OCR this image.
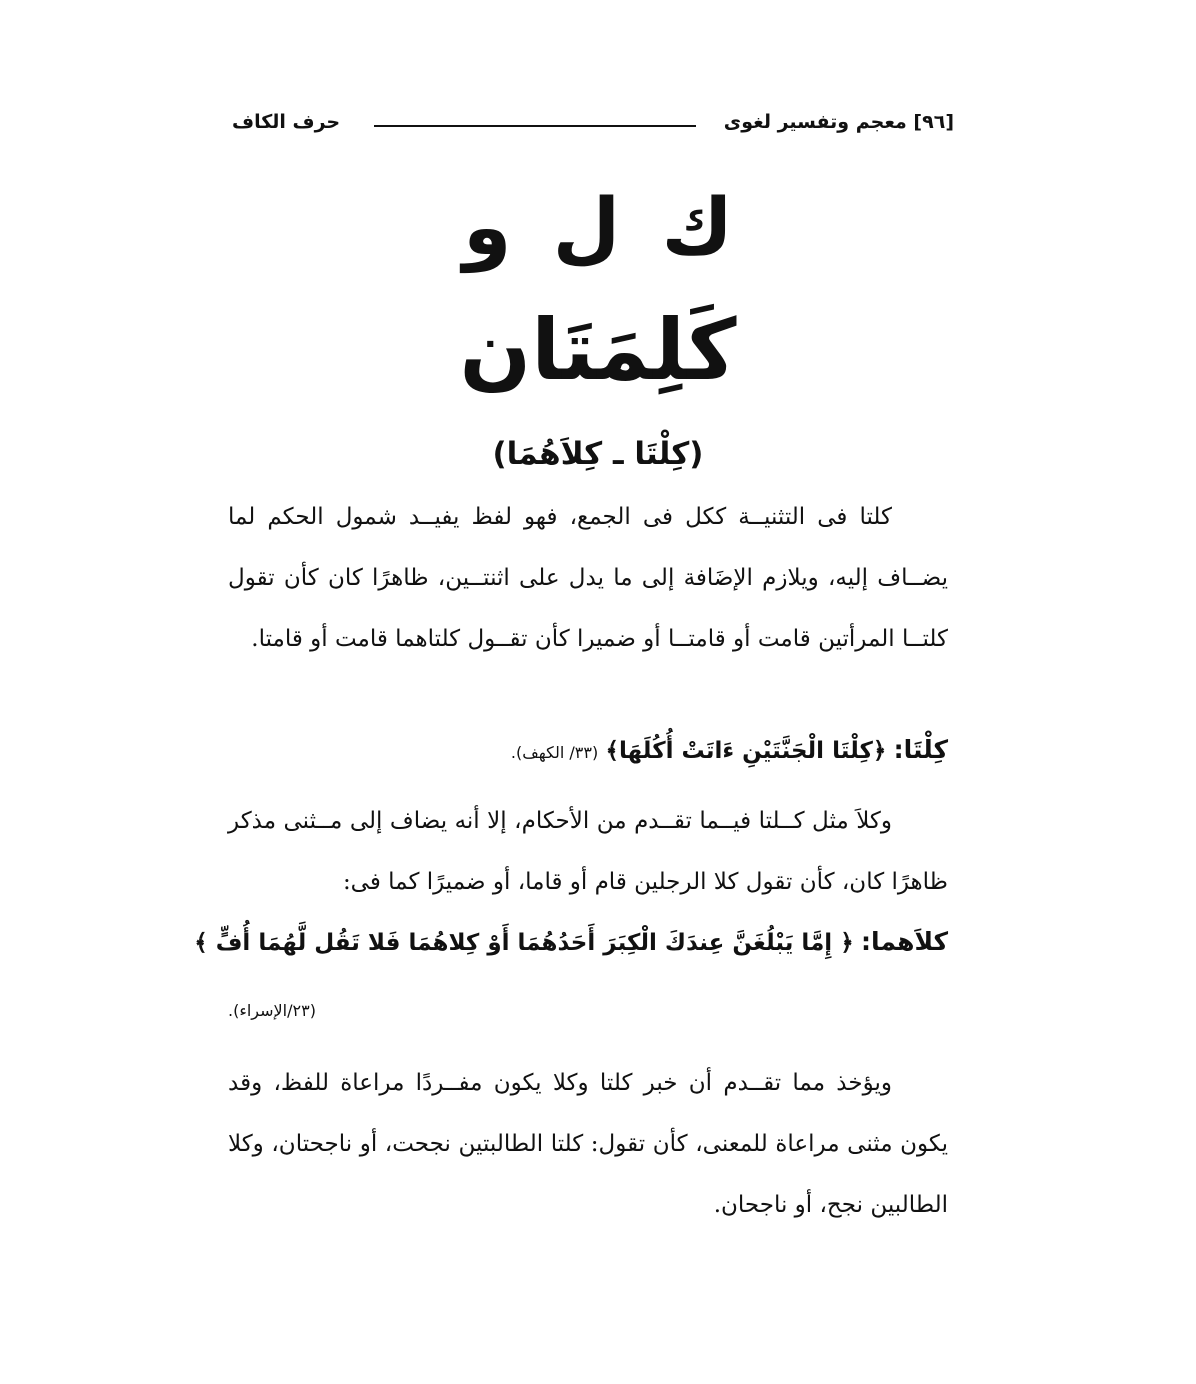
[٩٦] معجم وتفسير لغوى
حرف الكاف
ك ل و
كَلِمَتَان
(كِلْتَا ـ كِلاَهُمَا)
كلتا فى التثنيــة ككل فى الجمع، فهو لفظ يفيــد شمول الحكم لما يضــاف إليه، ويلازم الإضَافة إلى ما يدل على اثنتــين، ظاهرًا كان كأن تقول كلتــا المرأتين قامت أو قامتــا أو ضميرا كأن تقــول كلتاهما قامت أو قامتا.
كِلْتَا: ﴿كِلْتَا الْجَنَّتَيْنِ ءَاتَتْ أُكُلَهَا﴾ (٣٣/ الكهف).
وكلاَ مثل كــلتا فيــما تقــدم من الأحكام، إلا أنه يضاف إلى مــثنى مذكر ظاهرًا كان، كأن تقول كلا الرجلين قام أو قاما، أو ضميرًا كما فى:
كلاَهما: ﴿ إِمَّا يَبْلُغَنَّ عِندَكَ الْكِبَرَ أَحَدُهُمَا أَوْ كِلاهُمَا فَلا تَقُل لَّهُمَا أُفٍّ ﴾
(٢٣/الإسراء).
ويؤخذ مما تقــدم أن خبر كلتا وكلا يكون مفــردًا مراعاة للفظ، وقد يكون مثنى مراعاة للمعنى، كأن تقول: كلتا الطالبتين نجحت، أو ناجحتان، وكلا الطالبين نجح، أو ناجحان.
